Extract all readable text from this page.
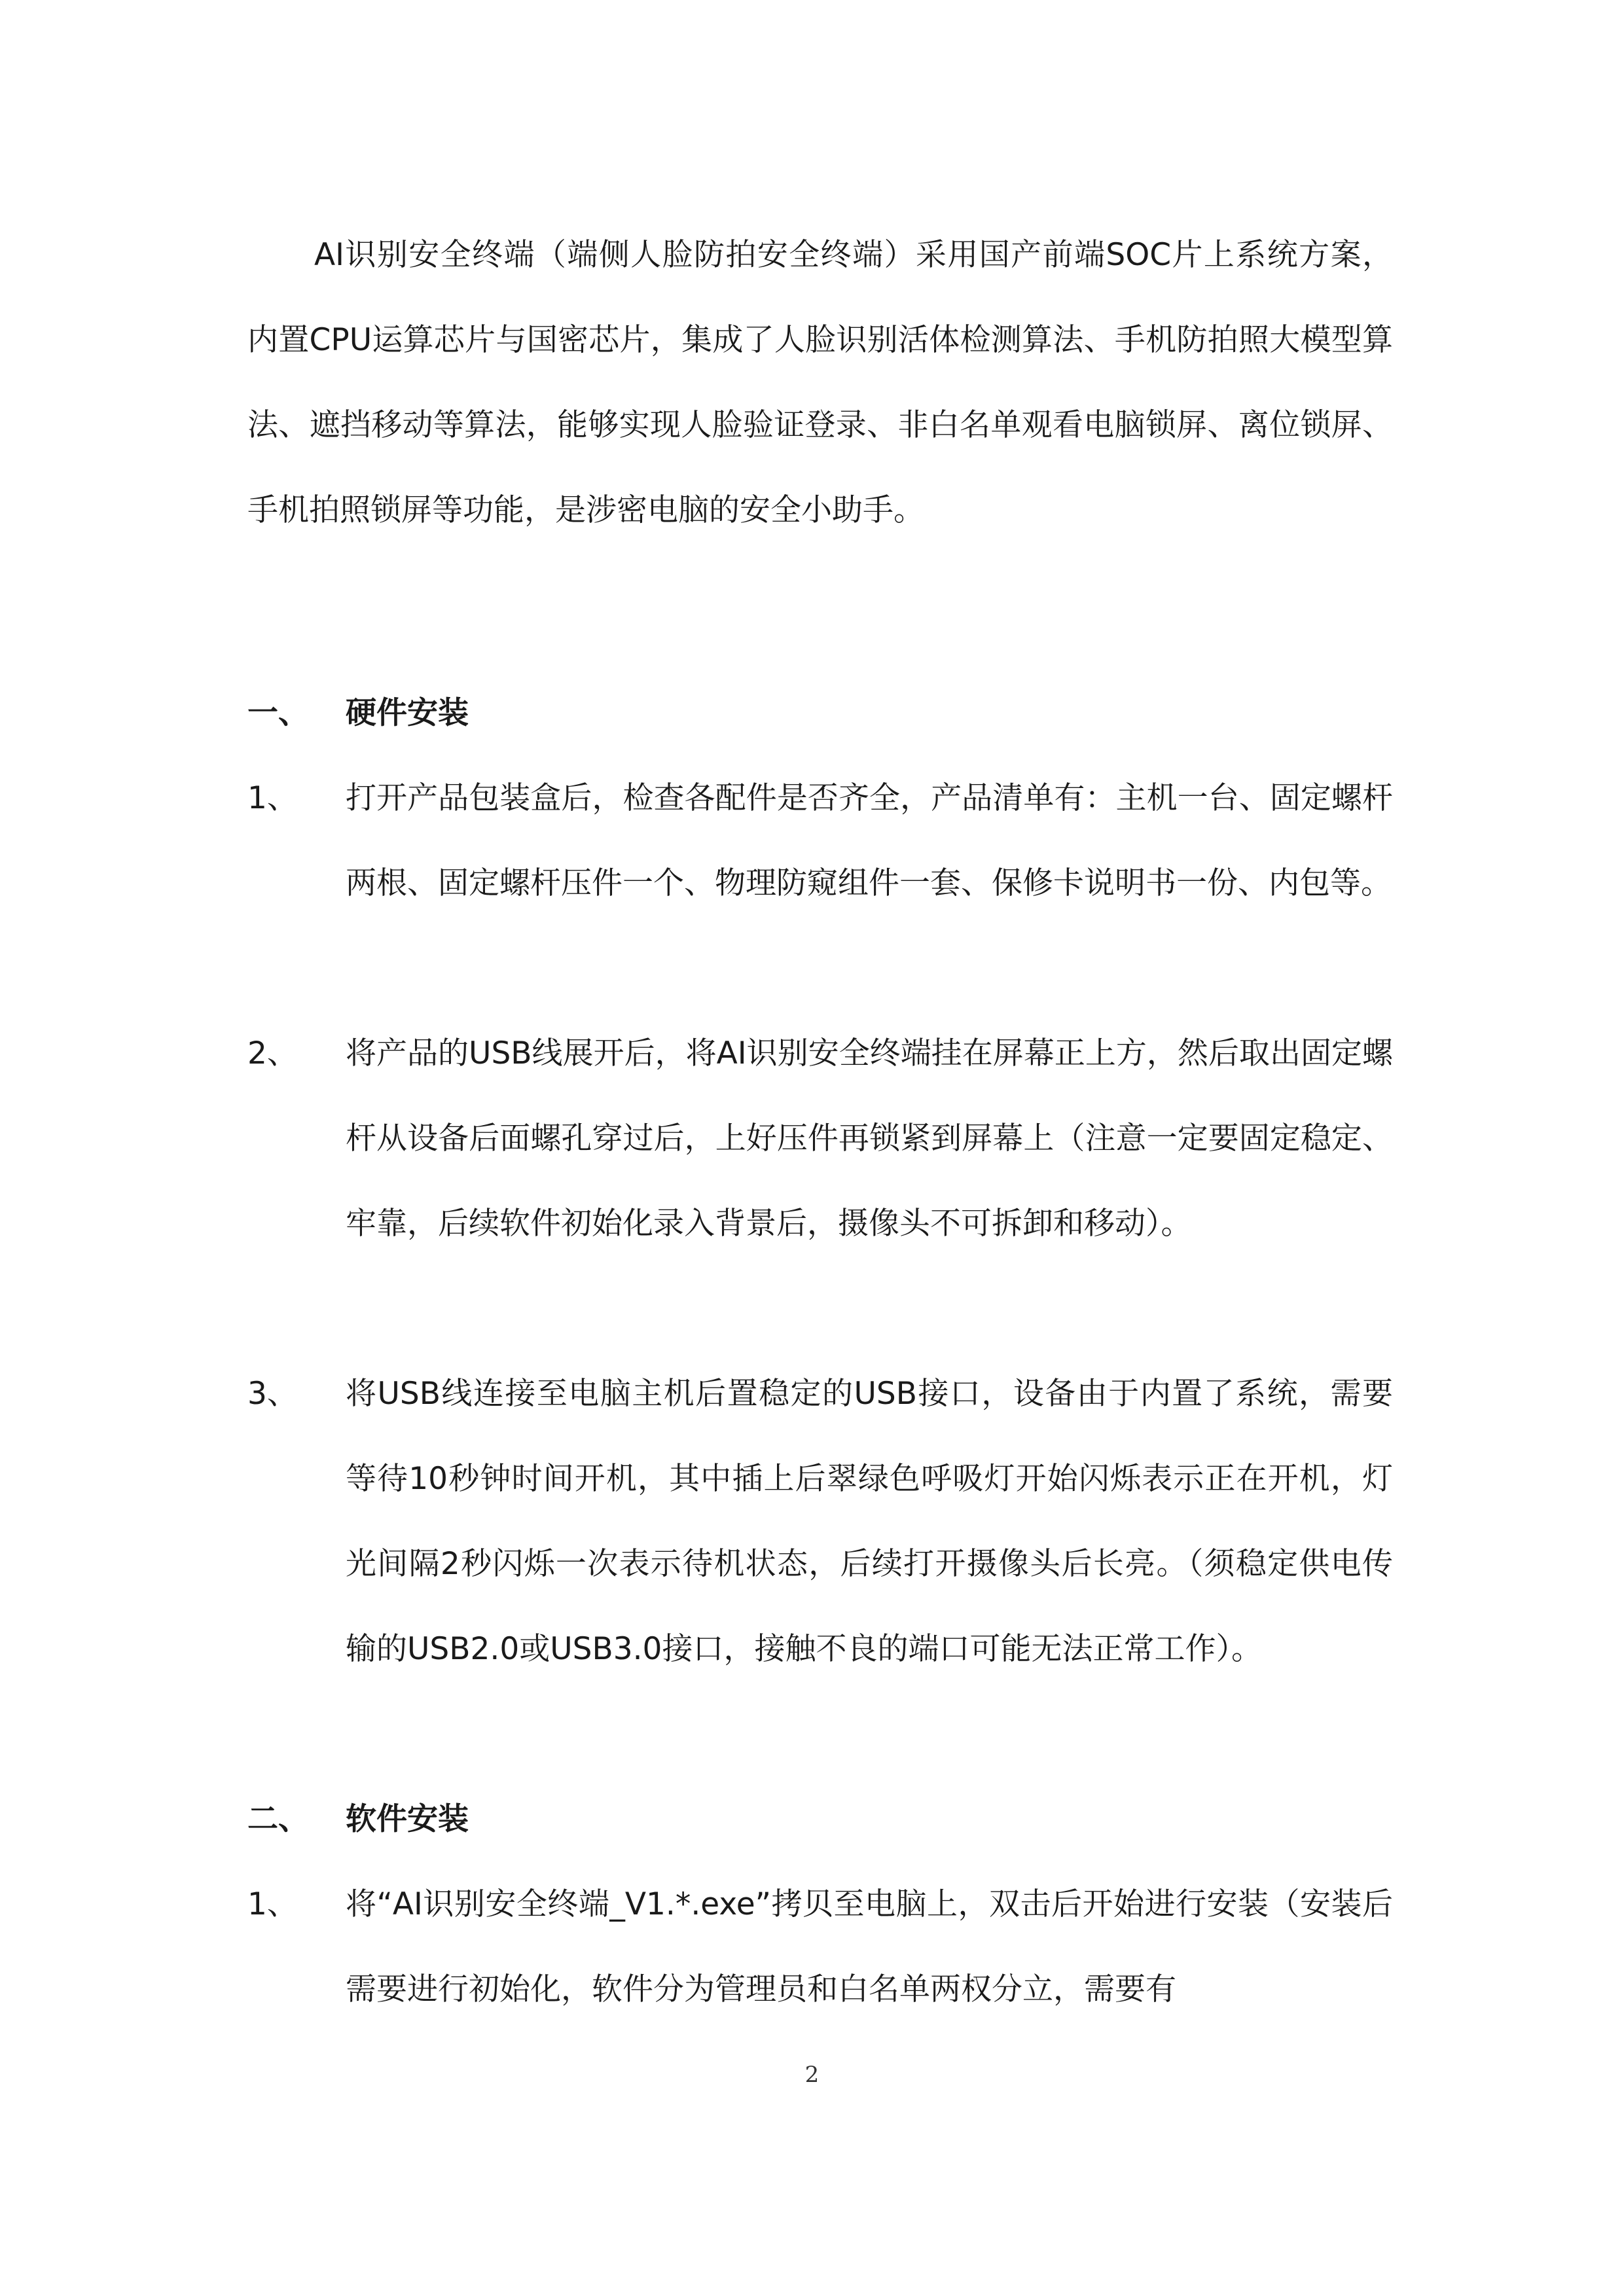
AI识别安全终端（端侧人脸防拍安全终端）采用国产前端SOC片上系统方案，内置CPU运算芯片与国密芯片，集成了人脸识别活体检测算法、手机防拍照大模型算法、遮挡移动等算法，能够实现人脸验证登录、非白名单观看电脑锁屏、离位锁屏、手机拍照锁屏等功能，是涉密电脑的安全小助手。

一、 硬件安装
1、	打开产品包装盒后，检查各配件是否齐全，产品清单有：主机一台、固定螺杆两根、固定螺杆压件一个、物理防窥组件一套、保修卡说明书一份、内包等。
2、	将产品的USB线展开后，将AI识别安全终端挂在屏幕正上方，然后取出固定螺杆从设备后面螺孔穿过后，上好压件再锁紧到屏幕上（注意一定要固定稳定、牢靠，后续软件初始化录入背景后，摄像头不可拆卸和移动）。
3、	将USB线连接至电脑主机后置稳定的USB接口，设备由于内置了系统，需要等待10秒钟时间开机，其中插上后翠绿色呼吸灯开始闪烁表示正在开机，灯光间隔2秒闪烁一次表示待机状态，后续打开摄像头后长亮。（须稳定供电传输的USB2.0或USB3.0接口，接触不良的端口可能无法正常工作）。
二、 软件安装
1、	将“AI识别安全终端_V1.*.exe”拷贝至电脑上，双击后开始进行安装（安装后需要进行初始化，软件分为管理员和白名单两权分立，需要有
2
